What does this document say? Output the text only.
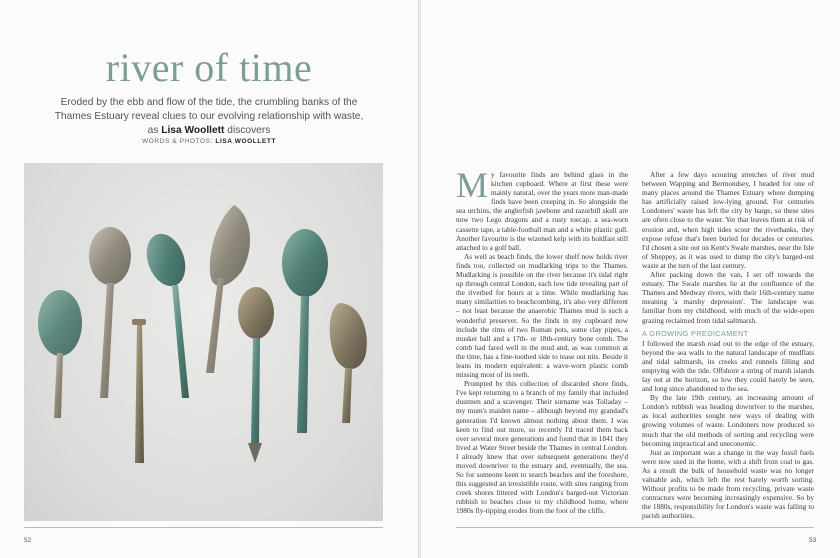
river of time
Eroded by the ebb and flow of the tide, the crumbling banks of the Thames Estuary reveal clues to our evolving relationship with waste, as Lisa Woollett discovers
WORDS & PHOTOS: LISA WOOLLETT
52
M y favourite finds are behind glass in the kitchen cupboard. Where at first these were mainly natural, over the years more man-made finds have been creeping in. So alongside the sea urchins, the anglerfish jawbone and razorbill skull are now two Lego dragons and a rusty toecap, a sea-worn cassette tape, a table-football man and a white plastic gull. Another favourite is the wizened kelp with its holdfast still attached to a golf ball.

As well as beach finds, the lower shelf now holds river finds too, collected on mudlarking trips to the Thames. Mudlarking is possible on the river because it's tidal right up through central London, each low tide revealing part of the riverbed for hours at a time. While mudlarking has many similarities to beachcombing, it's also very different – not least because the anaerobic Thames mud is such a wonderful preserver. So the finds in my cupboard now include the rims of two Roman pots, some clay pipes, a musket ball and a 17th- or 18th-century bone comb. The comb had fared well in the mud and, as was common at the time, has a fine-toothed side to tease out nits. Beside it leans its modern equivalent: a wave-worn plastic comb missing most of its teeth.

Prompted by this collection of discarded shore finds, I've kept returning to a branch of my family that included dustmen and a scavenger. Their surname was Tolladay – my mum's maiden name – although beyond my grandad's generation I'd known almost nothing about them. I was keen to find out more, so recently I'd traced them back over several more generations and found that in 1841 they lived at Water Street beside the Thames in central London. I already knew that over subsequent generations they'd moved downriver to the estuary and, eventually, the sea. So for someone keen to search beaches and the foreshore, this suggested an irresistible route, with sites ranging from creek shores littered with London's barged-out Victorian rubbish to beaches close to my childhood home, where 1980s fly-tipping erodes from the foot of the cliffs.

After a few days scouring stretches of river mud between Wapping and Bermondsey, I headed for one of many places around the Thames Estuary where dumping has artificially raised low-lying ground. For centuries Londoners' waste has left the city by barge, so these sites are often close to the water. Yet that leaves them at risk of erosion and, when high tides scour the riverbanks, they expose refuse that's been buried for decades or centuries. I'd chosen a site out on Kent's Swale marshes, near the Isle of Sheppey, as it was used to dump the city's barged-out waste at the turn of the last century.

After packing down the van, I set off towards the estuary. The Swale marshes lie at the confluence of the Thames and Medway rivers, with their 16th-century name meaning 'a marshy depression'. The landscape was familiar from my childhood, with much of the wide-open grazing reclaimed from tidal saltmarsh.

A GROWING PREDICAMENT

I followed the marsh road out to the edge of the estuary, beyond the sea walls to the natural landscape of mudflats and tidal saltmarsh, its creeks and runnels filling and emptying with the tide. Offshore a string of marsh islands lay out at the horizon, so low they could barely be seen, and long since abandoned to the sea.

By the late 19th century, an increasing amount of London's rubbish was heading downriver to the marshes, as local authorities sought new ways of dealing with growing volumes of waste. Londoners now produced so much that the old methods of sorting and recycling were becoming impractical and uneconomic.

Just as important was a change in the way fossil fuels were now used in the home, with a shift from coal to gas. As a result the bulk of household waste was no longer valuable ash, which left the rest barely worth sorting. Without profits to be made from recycling, private waste contractors were becoming increasingly expensive. So by the 1880s, responsibility for London's waste was falling to parish authorities.

53
